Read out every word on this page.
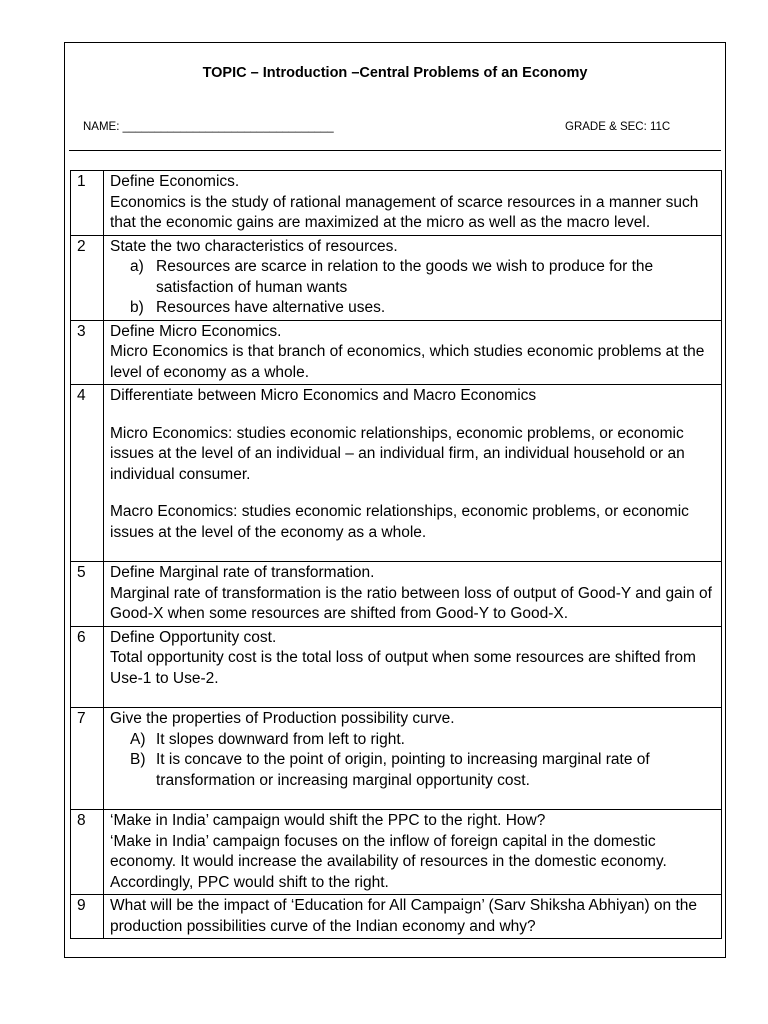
TOPIC – Introduction –Central Problems of an Economy
NAME: _________________________________	GRADE & SEC: 11C
1	Define Economics.
Economics is the study of rational management of scarce resources in a manner such that the economic gains are maximized at the micro as well as the macro level.

2	State the two characteristics of resources.
a) Resources are scarce in relation to the goods we wish to produce for the satisfaction of human wants
b) Resources have alternative uses.

3	Define Micro Economics.
Micro Economics is that branch of economics, which studies economic problems at the level of economy as a whole.

4	Differentiate between Micro Economics and Macro Economics
Micro Economics: studies economic relationships, economic problems, or economic issues at the level of an individual – an individual firm, an individual household or an individual consumer.
Macro Economics: studies economic relationships, economic problems, or economic issues at the level of the economy as a whole.

5	Define Marginal rate of transformation.
Marginal rate of transformation is the ratio between loss of output of Good-Y and gain of Good-X when some resources are shifted from Good-Y to Good-X.

6	Define Opportunity cost.
Total opportunity cost is the total loss of output when some resources are shifted from Use-1 to Use-2.

7	Give the properties of Production possibility curve.
A) It slopes downward from left to right.
B) It is concave to the point of origin, pointing to increasing marginal rate of transformation or increasing marginal opportunity cost.

8	‘Make in India’ campaign would shift the PPC to the right. How?
‘Make in India’ campaign focuses on the inflow of foreign capital in the domestic economy. It would increase the availability of resources in the domestic economy. Accordingly, PPC would shift to the right.

9	What will be the impact of ‘Education for All Campaign’ (Sarv Shiksha Abhiyan) on the production possibilities curve of the Indian economy and why?
